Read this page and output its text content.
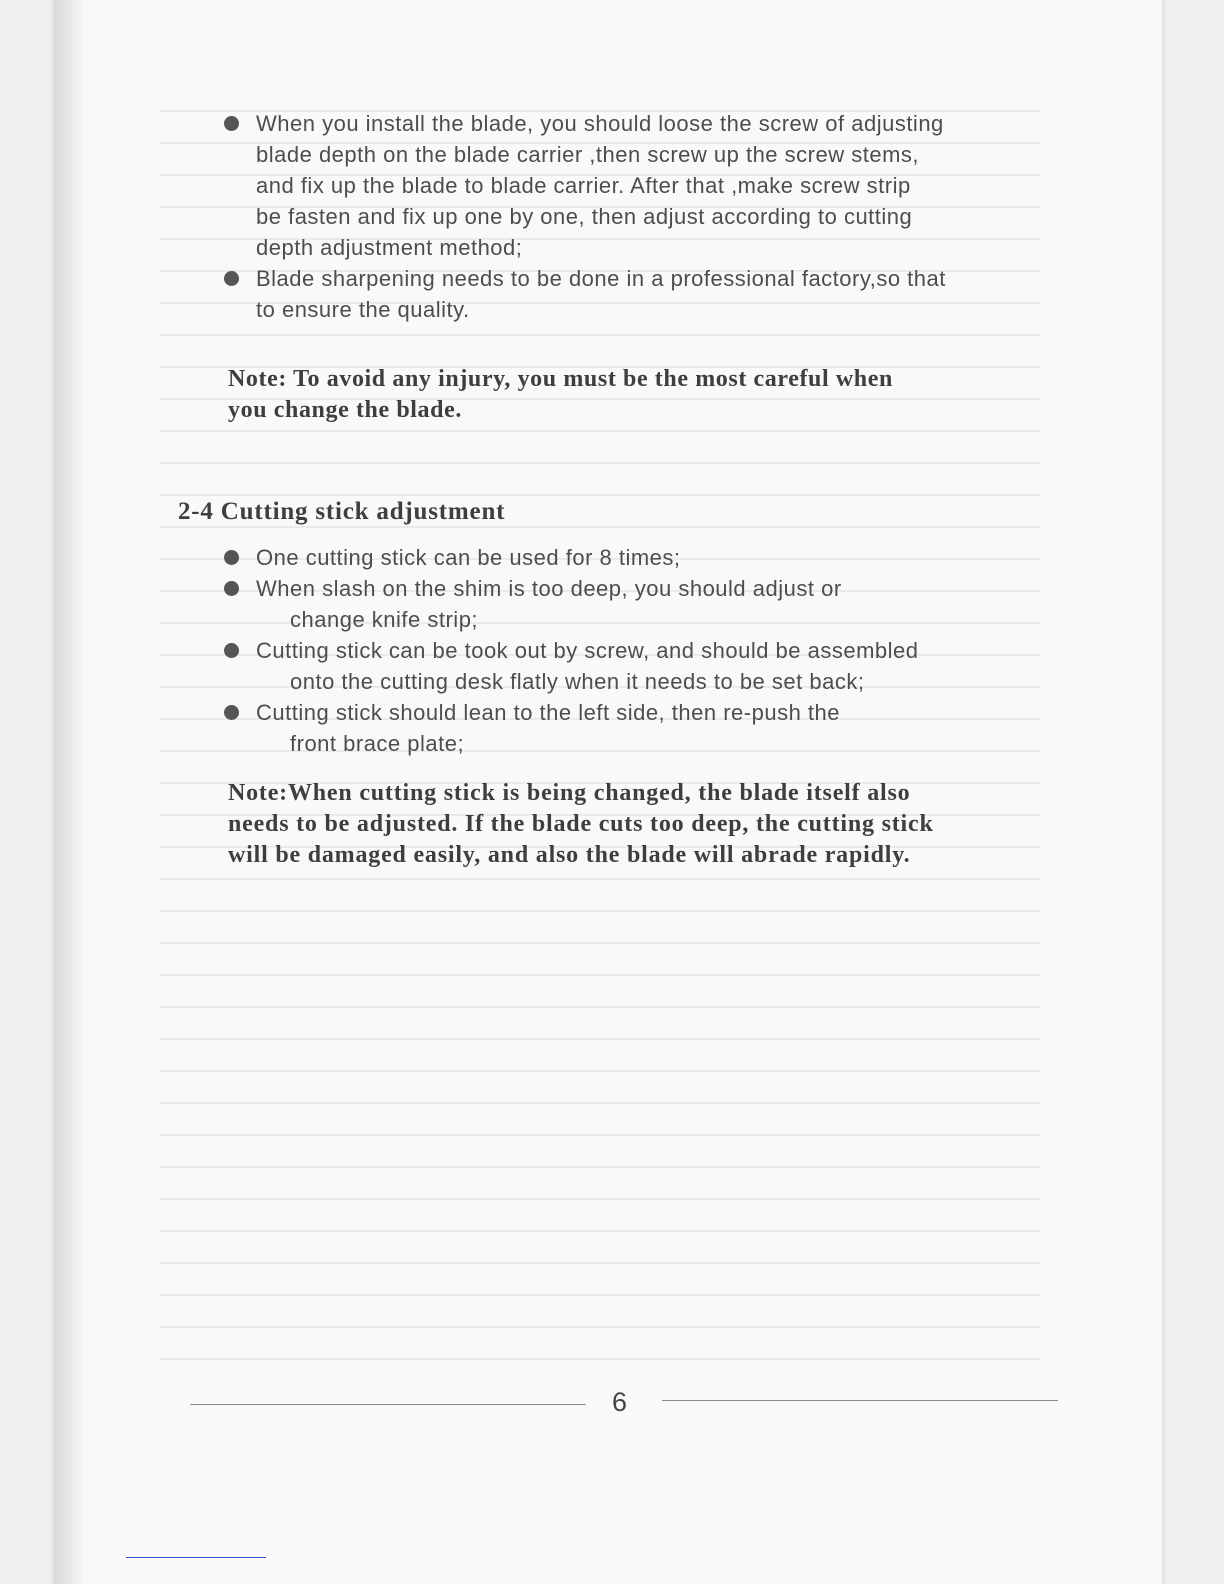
When you install the blade, you should loose the screw of adjusting
blade depth on the blade carrier ,then screw up the screw stems,
and fix up the blade to blade carrier. After that ,make screw strip
be fasten and fix up one by one, then adjust according to cutting
depth adjustment method;
Blade sharpening needs to be done in a professional factory,so that
to ensure the quality.
Note: To avoid any injury, you must be the most careful when
you change the blade.
2-4 Cutting stick adjustment
One cutting stick can be used for 8 times;
When slash on the shim is too deep, you should adjust or
change knife strip;
Cutting stick can be took out by screw, and should be assembled
onto the cutting desk flatly when it needs to be set back;
Cutting stick should lean to the left side, then re-push the
front brace plate;
Note:When cutting stick is being changed, the blade itself also
needs to be adjusted. If the blade cuts too deep, the cutting stick
will be damaged easily, and also the blade will abrade rapidly.
6
